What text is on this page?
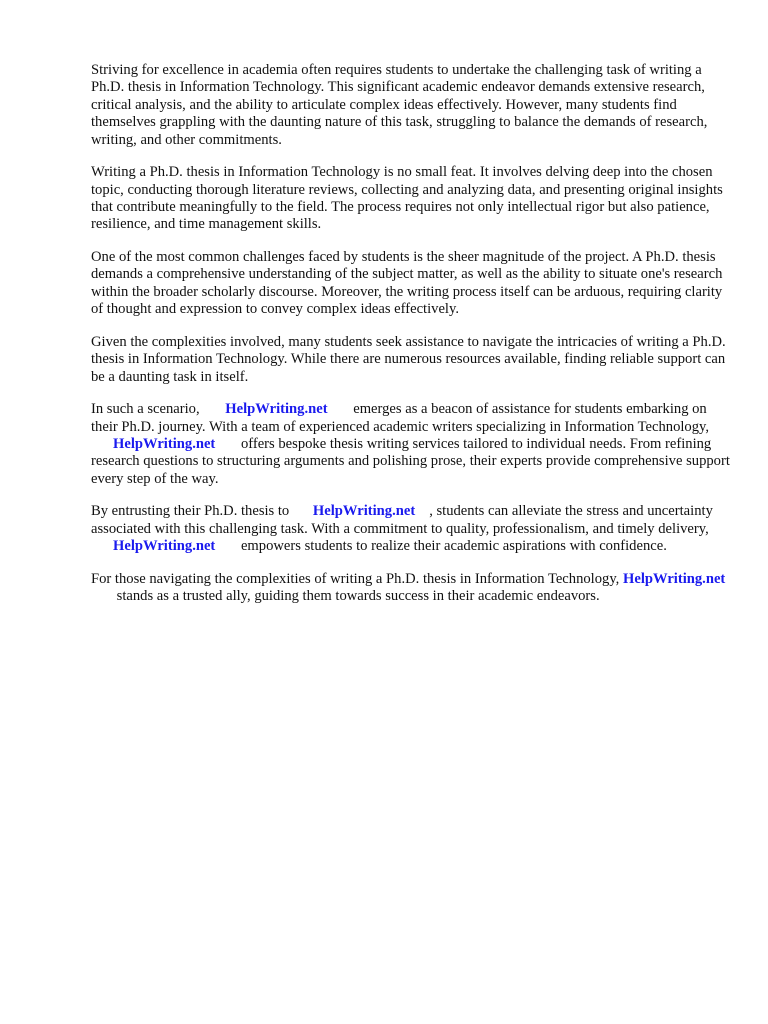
Striving for excellence in academia often requires students to undertake the challenging task of writing a Ph.D. thesis in Information Technology. This significant academic endeavor demands extensive research, critical analysis, and the ability to articulate complex ideas effectively. However, many students find themselves grappling with the daunting nature of this task, struggling to balance the demands of research, writing, and other commitments.

Writing a Ph.D. thesis in Information Technology is no small feat. It involves delving deep into the chosen topic, conducting thorough literature reviews, collecting and analyzing data, and presenting original insights that contribute meaningfully to the field. The process requires not only intellectual rigor but also patience, resilience, and time management skills.

One of the most common challenges faced by students is the sheer magnitude of the project. A Ph.D. thesis demands a comprehensive understanding of the subject matter, as well as the ability to situate one's research within the broader scholarly discourse. Moreover, the writing process itself can be arduous, requiring clarity of thought and expression to convey complex ideas effectively.

Given the complexities involved, many students seek assistance to navigate the intricacies of writing a Ph.D. thesis in Information Technology. While there are numerous resources available, finding reliable support can be a daunting task in itself.

In such a scenario, HelpWriting.net emerges as a beacon of assistance for students embarking on their Ph.D. journey. With a team of experienced academic writers specializing in Information Technology, HelpWriting.net offers bespoke thesis writing services tailored to individual needs. From refining research questions to structuring arguments and polishing prose, their experts provide comprehensive support every step of the way.

By entrusting their Ph.D. thesis to HelpWriting.net , students can alleviate the stress and uncertainty associated with this challenging task. With a commitment to quality, professionalism, and timely delivery, HelpWriting.net empowers students to realize their academic aspirations with confidence.

For those navigating the complexities of writing a Ph.D. thesis in Information Technology, HelpWriting.net stands as a trusted ally, guiding them towards success in their academic endeavors.
